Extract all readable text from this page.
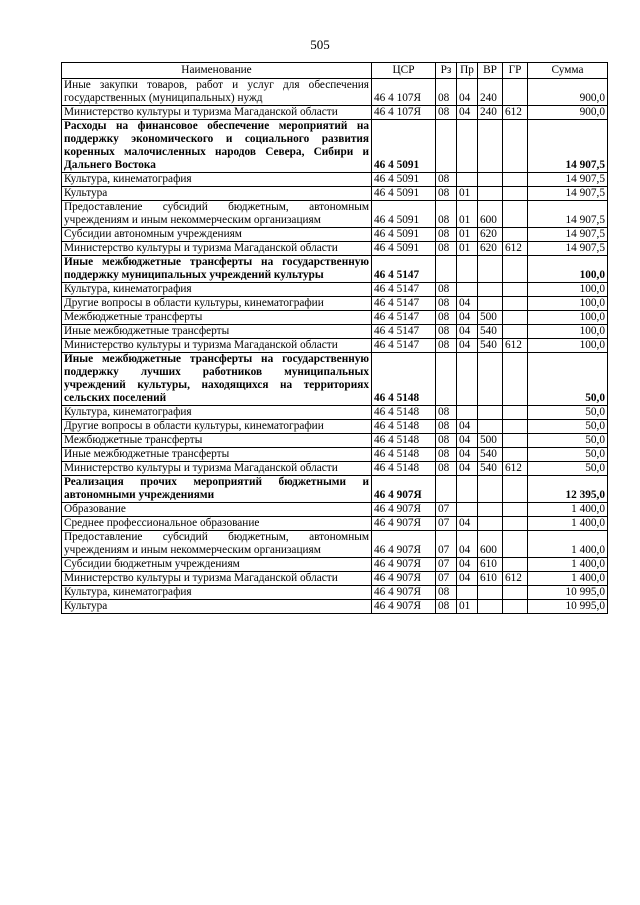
505
Наименование	ЦСР	Рз	Пр	ВР	ГР	Сумма
Иные закупки товаров, работ и услуг для обеспечения государственных (муниципальных) нужд	46 4 107Я	08	04	240		900,0
Министерство культуры и туризма Магаданской области	46 4 107Я	08	04	240	612	900,0
Расходы на финансовое обеспечение мероприятий на поддержку экономического и социального развития коренных малочисленных народов Севера, Сибири и Дальнего Востока	46 4 5091					14 907,5
Культура, кинематография	46 4 5091	08				14 907,5
Культура	46 4 5091	08	01			14 907,5
Предоставление субсидий бюджетным, автономным учреждениям и иным некоммерческим организациям	46 4 5091	08	01	600		14 907,5
Субсидии автономным учреждениям	46 4 5091	08	01	620		14 907,5
Министерство культуры и туризма Магаданской области	46 4 5091	08	01	620	612	14 907,5
Иные межбюджетные трансферты на государственную поддержку муниципальных учреждений культуры	46 4 5147					100,0
Культура, кинематография	46 4 5147	08				100,0
Другие вопросы в области культуры, кинематографии	46 4 5147	08	04			100,0
Межбюджетные трансферты	46 4 5147	08	04	500		100,0
Иные межбюджетные трансферты	46 4 5147	08	04	540		100,0
Министерство культуры и туризма Магаданской области	46 4 5147	08	04	540	612	100,0
Иные межбюджетные трансферты на государственную поддержку лучших работников муниципальных учреждений культуры, находящихся на территориях сельских поселений	46 4 5148					50,0
Культура, кинематография	46 4 5148	08				50,0
Другие вопросы в области культуры, кинематографии	46 4 5148	08	04			50,0
Межбюджетные трансферты	46 4 5148	08	04	500		50,0
Иные межбюджетные трансферты	46 4 5148	08	04	540		50,0
Министерство культуры и туризма Магаданской области	46 4 5148	08	04	540	612	50,0
Реализация прочих мероприятий бюджетными и автономными учреждениями	46 4 907Я					12 395,0
Образование	46 4 907Я	07				1 400,0
Среднее профессиональное образование	46 4 907Я	07	04			1 400,0
Предоставление субсидий бюджетным, автономным учреждениям и иным некоммерческим организациям	46 4 907Я	07	04	600		1 400,0
Субсидии бюджетным учреждениям	46 4 907Я	07	04	610		1 400,0
Министерство культуры и туризма Магаданской области	46 4 907Я	07	04	610	612	1 400,0
Культура, кинематография	46 4 907Я	08				10 995,0
Культура	46 4 907Я	08	01			10 995,0
